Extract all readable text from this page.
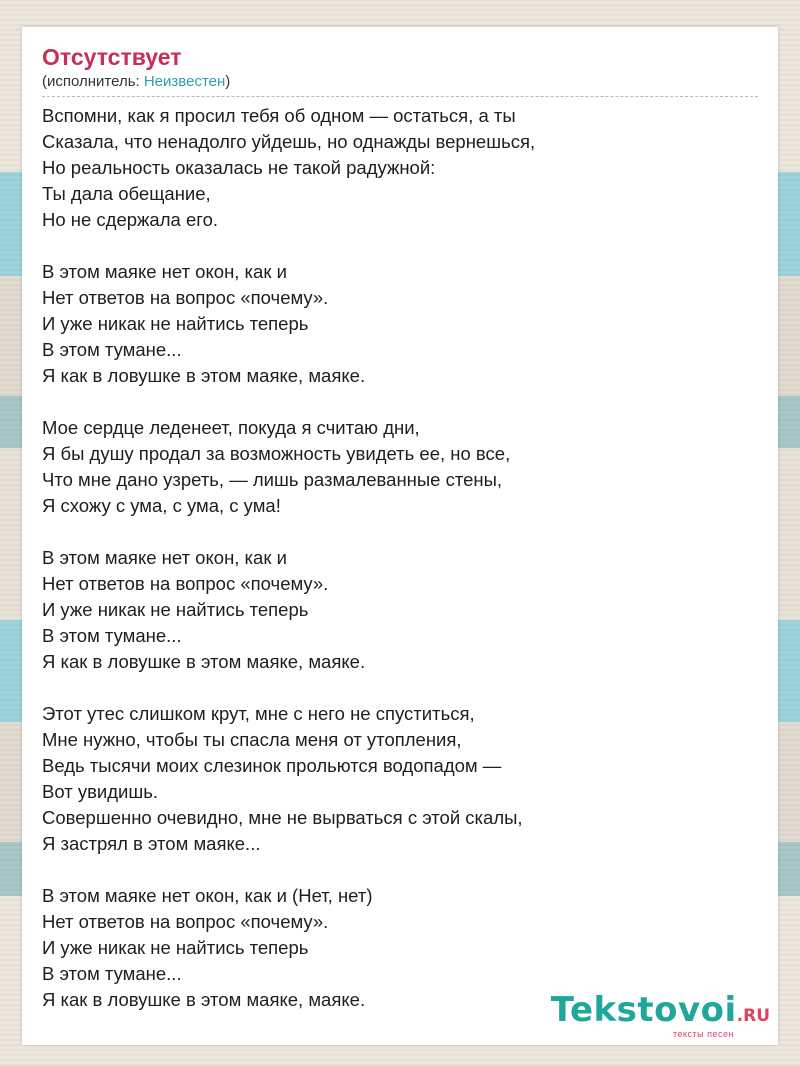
Отсутствует
(исполнитель: Неизвестен)
Вспомни, как я просил тебя об одном — остаться, а ты
Сказала, что ненадолго уйдешь, но однажды вернешься,
Но реальность оказалась не такой радужной:
Ты дала обещание,
Но не сдержала его.
В этом маяке нет окон, как и
Нет ответов на вопрос «почему».
И уже никак не найтись теперь
В этом тумане...
Я как в ловушке в этом маяке, маяке.
Мое сердце леденеет, покуда я считаю дни,
Я бы душу продал за возможность увидеть ее, но все,
Что мне дано узреть, — лишь размалеванные стены,
Я схожу с ума, с ума, с ума!
В этом маяке нет окон, как и
Нет ответов на вопрос «почему».
И уже никак не найтись теперь
В этом тумане...
Я как в ловушке в этом маяке, маяке.
Этот утес слишком крут, мне с него не спуститься,
Мне нужно, чтобы ты спасла меня от утопления,
Ведь тысячи моих слезинок прольются водопадом —
Вот увидишь.
Совершенно очевидно, мне не вырваться с этой скалы,
Я застрял в этом маяке...
В этом маяке нет окон, как и (Нет, нет)
Нет ответов на вопрос «почему».
И уже никак не найтись теперь
В этом тумане...
Я как в ловушке в этом маяке, маяке.	Tekstovoi.RU
тексты песен
